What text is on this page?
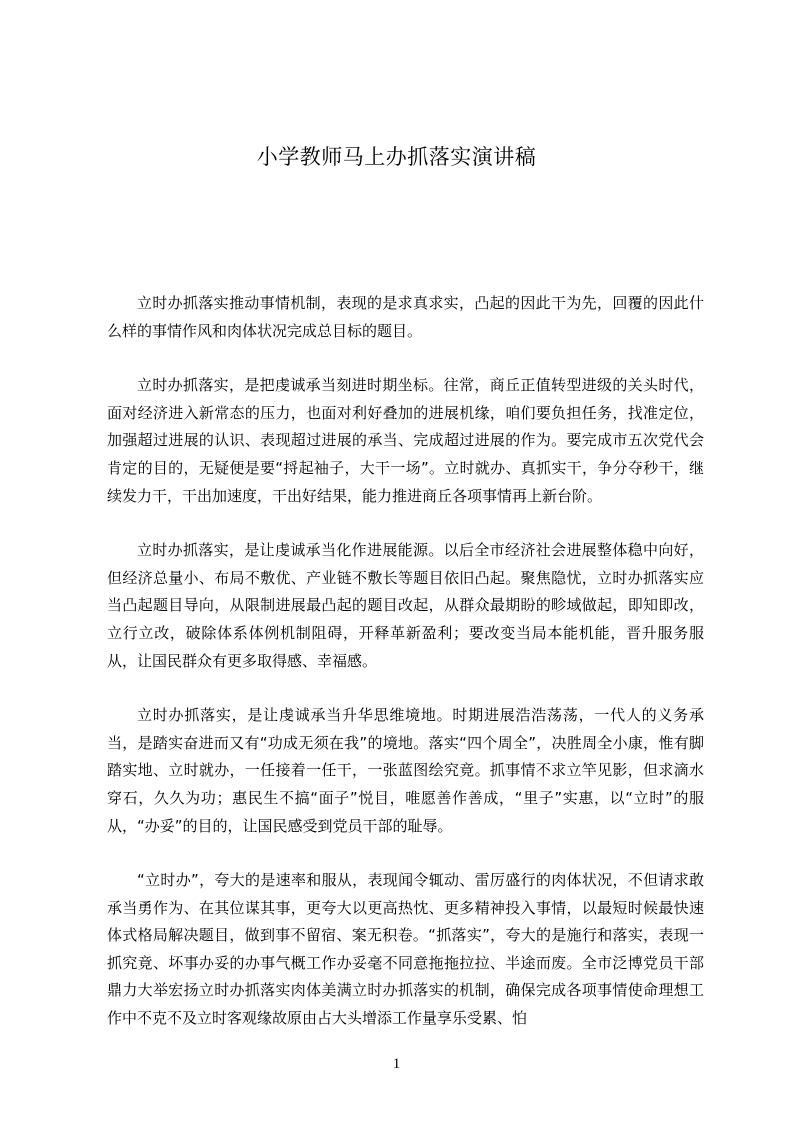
小学教师马上办抓落实演讲稿

立时办抓落实推动事情机制，表现的是求真求实，凸起的因此干为先，回覆的因此什么样的事情作风和肉体状况完成总目标的题目。

立时办抓落实，是把虔诚承当刻进时期坐标。往常，商丘正值转型进级的关头时代，面对经济进入新常态的压力，也面对利好叠加的进展机缘，咱们要负担任务，找准定位，加强超过进展的认识、表现超过进展的承当、完成超过进展的作为。要完成市五次党代会肯定的目的，无疑便是要“捋起袖子，大干一场”。立时就办、真抓实干，争分夺秒干，继续发力干，干出加速度，干出好结果，能力推进商丘各项事情再上新台阶。

立时办抓落实，是让虔诚承当化作进展能源。以后全市经济社会进展整体稳中向好，但经济总量小、布局不敷优、产业链不敷长等题目依旧凸起。聚焦隐忧，立时办抓落实应当凸起题目导向，从限制进展最凸起的题目改起，从群众最期盼的畛域做起，即知即改，立行立改，破除体系体例机制阻碍，开释革新盈利；要改变当局本能机能，晋升服务服从，让国民群众有更多取得感、幸福感。

立时办抓落实，是让虔诚承当升华思维境地。时期进展浩浩荡荡，一代人的义务承当，是踏实奋进而又有“功成无须在我”的境地。落实“四个周全”，决胜周全小康，惟有脚踏实地、立时就办，一任接着一任干，一张蓝图绘究竟。抓事情不求立竿见影，但求滴水穿石，久久为功；惠民生不搞“面子”悦目，唯愿善作善成，“里子”实惠，以“立时”的服从，“办妥”的目的，让国民感受到党员干部的耻辱。

“立时办”，夸大的是速率和服从，表现闻令辄动、雷厉盛行的肉体状况，不但请求敢承当勇作为、在其位谋其事，更夸大以更高热忱、更多精神投入事情，以最短时候最快速体式格局解决题目，做到事不留宿、案无积卷。“抓落实”，夸大的是施行和落实，表现一抓究竟、坏事办妥的办事气概工作办妥毫不同意拖拖拉拉、半途而废。全市泛博党员干部鼎力大举宏扬立时办抓落实肉体美满立时办抓落实的机制，确保完成各项事情使命理想工作中不克不及立时客观缘故原由占大头增添工作量享乐受累、怕

1
